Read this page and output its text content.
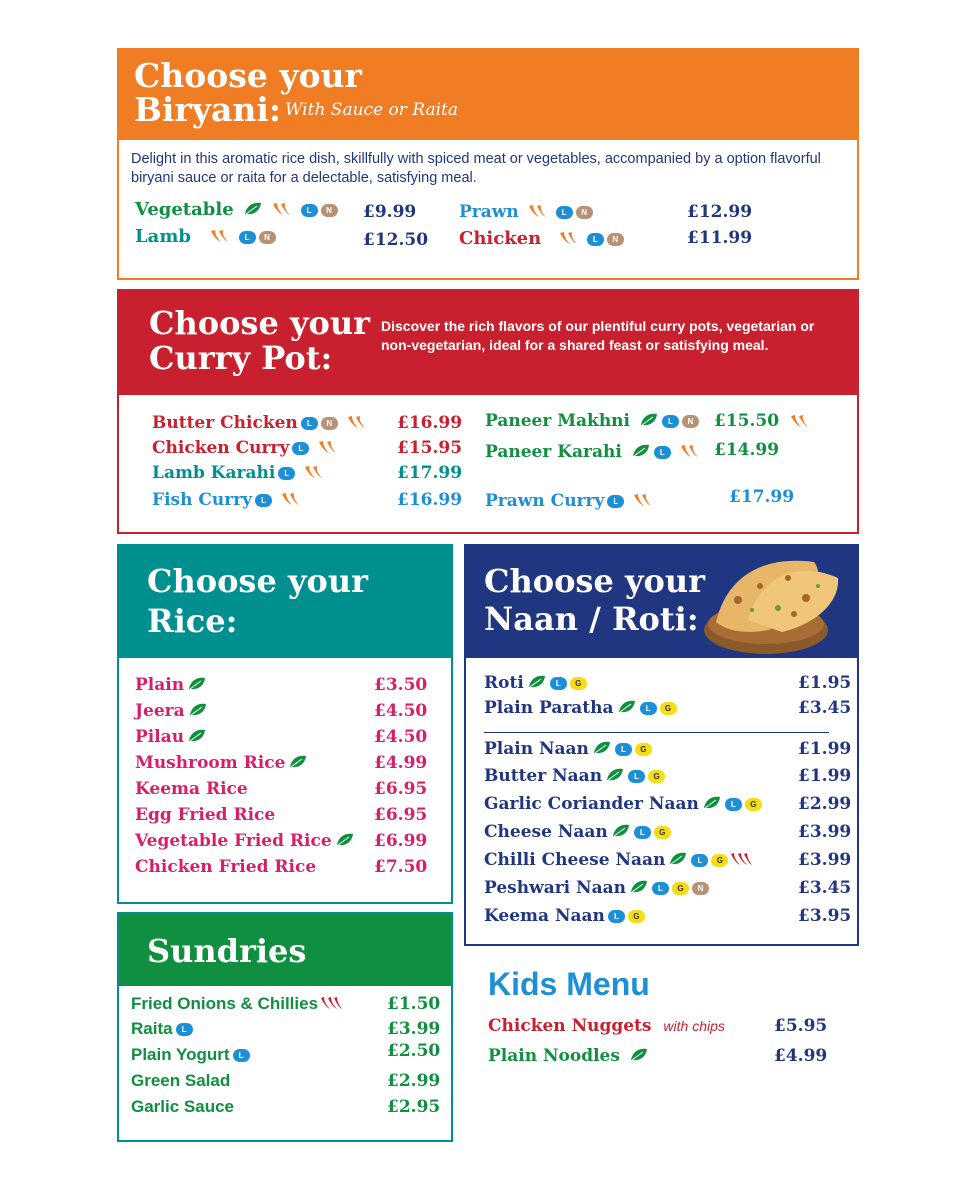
Choose your
Biryani: With Sauce or Raita
Delight in this aromatic rice dish, skillfully with spiced meat or vegetables, accompanied by a option flavorful biryani sauce or raita for a delectable, satisfying meal.
Vegetable	L N	£9.99
Lamb	L N	£12.50
Prawn	L N	£12.99
Chicken	L N	£11.99
Choose your
Curry Pot:
Discover the rich flavors of our plentiful curry pots, vegetarian or non-vegetarian, ideal for a shared feast or satisfying meal.
Butter Chicken L N	£16.99
Chicken Curry L	£15.95
Lamb Karahi L	£17.99
Fish Curry L	£16.99
Paneer Makhni	L N	£15.50
Paneer Karahi	L	£14.99
Prawn Curry L	£17.99
Choose your
Rice:
Plain	£3.50
Jeera	£4.50
Pilau	£4.50
Mushroom Rice	£4.99
Keema Rice	£6.95
Egg Fried Rice	£6.95
Vegetable Fried Rice	£6.99
Chicken Fried Rice	£7.50
Choose your
Naan / Roti:
Roti	L G	£1.95
Plain Paratha	L G	£3.45
Plain Naan	L G	£1.99
Butter Naan	L G	£1.99
Garlic Coriander Naan	L G	£2.99
Cheese Naan	L G	£3.99
Chilli Cheese Naan	L G	£3.99
Peshwari Naan	L G N	£3.45
Keema Naan L G	£3.95
Sundries
Fried Onions & Chillies	£1.50
Raita L	£3.99
Plain Yogurt L	£2.50
Green Salad	£2.99
Garlic Sauce	£2.95
Kids Menu
Chicken Nuggets with chips	£5.95
Plain Noodles	£4.99
